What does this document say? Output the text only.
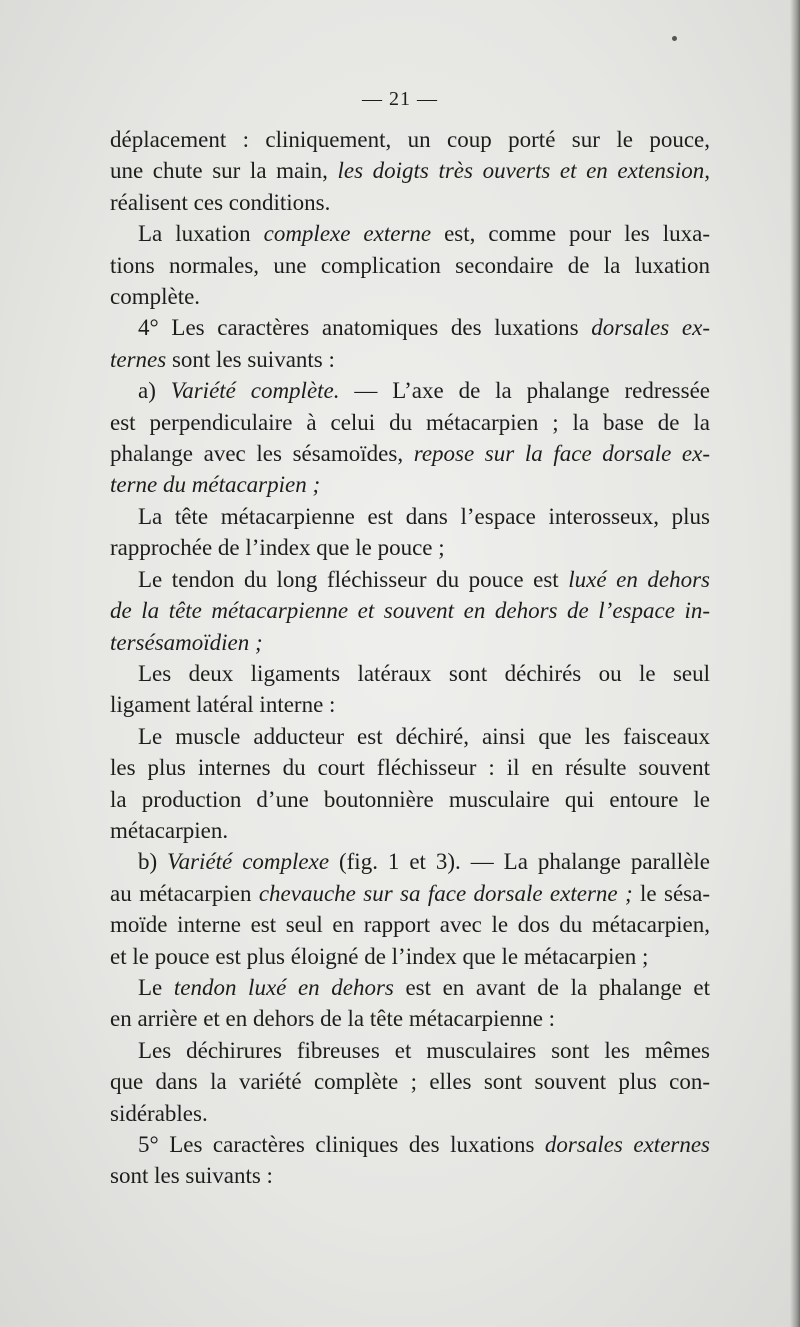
— 21 —
déplacement : cliniquement, un coup porté sur le pouce,
une chute sur la main, les doigts très ouverts et en extension,
réalisent ces conditions.
La luxation complexe externe est, comme pour les luxa-
tions normales, une complication secondaire de la luxation
complète.
4° Les caractères anatomiques des luxations dorsales ex-
ternes sont les suivants :
a) Variété complète. — L’axe de la phalange redressée
est perpendiculaire à celui du métacarpien ; la base de la
phalange avec les sésamoïdes, repose sur la face dorsale ex-
terne du métacarpien ;
La tête métacarpienne est dans l’espace interosseux, plus
rapprochée de l’index que le pouce ;
Le tendon du long fléchisseur du pouce est luxé en dehors
de la tête métacarpienne et souvent en dehors de l’espace in-
tersésamoïdien ;
Les deux ligaments latéraux sont déchirés ou le seul
ligament latéral interne :
Le muscle adducteur est déchiré, ainsi que les faisceaux
les plus internes du court fléchisseur : il en résulte souvent
la production d’une boutonnière musculaire qui entoure le
métacarpien.
b) Variété complexe (fig. 1 et 3). — La phalange parallèle
au métacarpien chevauche sur sa face dorsale externe ; le sésa-
moïde interne est seul en rapport avec le dos du métacarpien,
et le pouce est plus éloigné de l’index que le métacarpien ;
Le tendon luxé en dehors est en avant de la phalange et
en arrière et en dehors de la tête métacarpienne :
Les déchirures fibreuses et musculaires sont les mêmes
que dans la variété complète ; elles sont souvent plus con-
sidérables.
5° Les caractères cliniques des luxations dorsales externes
sont les suivants :
